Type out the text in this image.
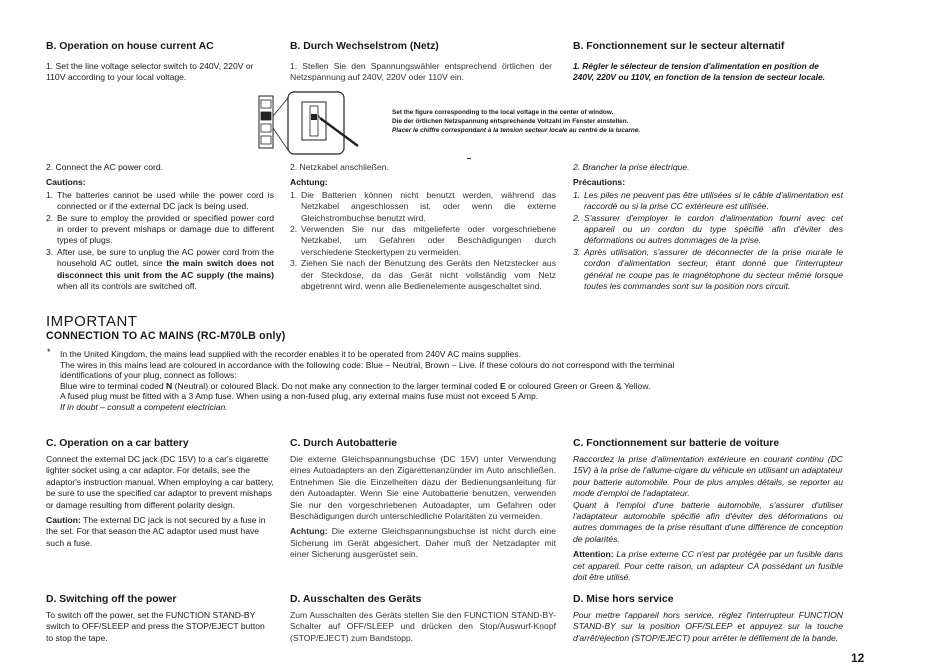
B. Operation on house current AC

1. Set the line voltage selector switch to 240V, 220V or 110V according to your local voltage.

2. Connect the AC power cord.

Cautions:

1. The batteries cannot be used while the power cord is connected or if the external DC jack is being used.
2. Be sure to employ the provided or specified power cord in order to prevent mishaps or damage due to different types of plugs.
3. After use, be sure to unplug the AC power cord from the household AC outlet, since the main switch does not disconnect this unit from the AC supply (the mains) when all its controls are switched off.
B. Durch Wechselstrom (Netz)

1. Stellen Sie den Spannungswähler entsprechend örtlichen der Netzspannung auf 240V, 220V oder 110V ein.

Set the figure corresponding to the local voltage in the center of window.
Die der örtlichen Netzspannung entsprechende Voltzahl im Fenster einstellen.
Placer le chiffre correspondant à la tension secteur locale au centre de la lucarne.

2. Netzkabel anschließen.

Achtung:

1. Die Batterien können nicht benutzt werden, während das Netzkabel angeschlossen ist, oder wenn die externe Gleichstrombuchse benutzt wird.
2. Verwenden Sie nur das mitgelieferte oder vorgeschriebene Netzkabel, um Gefahren oder Beschädigungen durch verschiedene Steckertypen zu vermeiden.
3. Ziehen Sie nach der Benutzung des Geräts den Netzstecker aus der Steckdose, da das Gerät nicht vollständig vom Netz abgetrennt wird, wenn alle Bedienelemente ausgeschaltet sind.
B. Fonctionnement sur le secteur alternatif

1. Régler le sélecteur de tension d'alimentation en position de 240V, 220V ou 110V, en fonction de la tension de secteur locale.

2. Brancher la prise électrique.

Précautions:

1. Les piles ne peuvent pas être utilisées si le câble d'alimentation est raccordé ou si la prise CC extérieure est utilisée.
2. S'assurer d'employer le cordon d'alimentation fourni avec cet appareil ou un cordon du type spécifié afin d'éviter des déformations ou autres dommages de la prise.
3. Après utilisation, s'assurer de déconnecter de la prise murale le cordon d'alimentation secteur, étant donné que l'interrupteur général ne coupe pas le magnétophone du secteur même lorsque toutes les commandes sont sur la position nors circuit.
IMPORTANT
CONNECTION TO AC MAINS (RC-M70LB only)
* In the United Kingdom, the mains lead supplied with the recorder enables it to be operated from 240V AC mains supplies.
The wires in this mains lead are coloured in accordance with the following code: Blue – Neutral, Brown – Live. If these colours do not correspond with the terminal identifications of your plug, connect as follows:
Blue wire to terminal coded N (Neutral) or coloured Black. Do not make any connection to the larger terminal coded E or coloured Green or Green & Yellow.
A fused plug must be fitted with a 3 Amp fuse. When using a non-fused plug, any external mains fuse must not exceed 5 Amp.
If in doubt – consult a competent electrician.
C. Operation on a car battery

Connect the external DC jack (DC 15V) to a car's cigarette lighter socket using a car adaptor. For details, see the adaptor's instruction manual. When employing a car battery, be sure to use the specified car adaptor to prevent mishaps or damage resulting from different polarity design.

Caution: The external DC jack is not secured by a fuse in the set. For that season the AC adaptor used must have such a fuse.

C. Durch Autobatterie

Die externe Gleichspannungsbuchse (DC 15V) unter Verwendung eines Autoadapters an den Zigarettenanzünder im Auto anschließen. Entnehmen Sie die Einzelheiten dazu der Bedienungsanleitung für den Autoadapter. Wenn Sie eine Autobatterie benutzen, verwenden Sie nur den vorgeschriebenen Autoadapter, um Gefahren oder Beschädigungen durch unterschiedliche Polaritäten zu vermeiden.

Achtung: Die externe Gleichspannungsbuchse ist nicht durch eine Sicherung im Gerät abgesichert. Daher muß der Netzadapter mit einer Sicherung ausgerüstet sein.

C. Fonctionnement sur batterie de voiture

Raccordez la prise d'alimentation extérieure en courant continu (DC 15V) à la prise de l'allume-cigare du véhicule en utilisant un adaptateur pour batterie automobile. Pour de plus amples détails, se reporter au mode d'emploi de l'adaptateur.

Quant à l'emploi d'une batterie automobile, s'assurer d'utiliser l'adaptateur automobile spécifié afin d'éviter des déformations ou autres dommages de la prise résultant d'une différence de conception de polarités.

Attention: La prise externe CC n'est par protégée par un fusible dans cet appareil. Pour cette raison, un adapteur CA possédant un fusible doit être utilisé.

D. Switching off the power

To switch off the power, set the FUNCTION STAND-BY switch to OFF/SLEEP and press the STOP/EJECT button to stop the tape.

D. Ausschalten des Geräts

Zum Ausschalten des Geräts stellen Sie den FUNCTION STAND-BY-Schalter auf OFF/SLEEP und drücken den Stop/Auswurf-Knopf (STOP/EJECT) zum Bandstopp.

D. Mise hors service

Pour mettre l'appareil hors service, réglez l'interrupteur FUNCTION STAND-BY sur la position OFF/SLEEP et appuyez sur la touche d'arrêt/éjection (STOP/EJECT) pour arrêter le défilement de la bande.

12
